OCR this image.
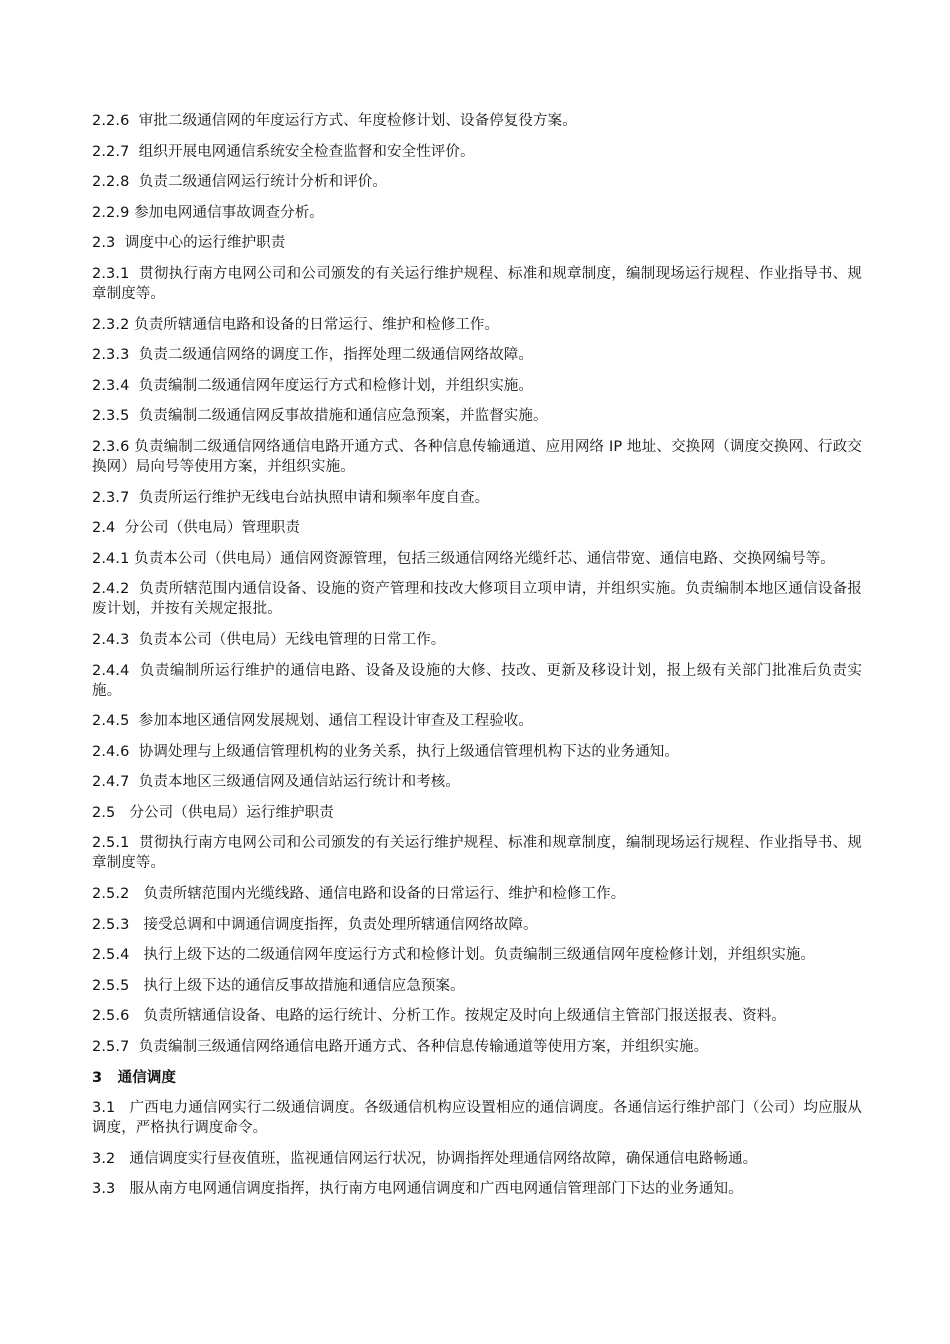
2.2.6  审批二级通信网的年度运行方式、年度检修计划、设备停复役方案。

2.2.7  组织开展电网通信系统安全检查监督和安全性评价。

2.2.8  负责二级通信网运行统计分析和评价。

2.2.9 参加电网通信事故调查分析。

2.3  调度中心的运行维护职责

2.3.1  贯彻执行南方电网公司和公司颁发的有关运行维护规程、标准和规章制度，编制现场运行规程、作业指导书、规章制度等。

2.3.2 负责所辖通信电路和设备的日常运行、维护和检修工作。

2.3.3  负责二级通信网络的调度工作，指挥处理二级通信网络故障。

2.3.4  负责编制二级通信网年度运行方式和检修计划，并组织实施。

2.3.5  负责编制二级通信网反事故措施和通信应急预案，并监督实施。

2.3.6 负责编制二级通信网络通信电路开通方式、各种信息传输通道、应用网络 IP 地址、交换网（调度交换网、行政交换网）局向号等使用方案，并组织实施。

2.3.7  负责所运行维护无线电台站执照申请和频率年度自查。

2.4  分公司（供电局）管理职责

2.4.1 负责本公司（供电局）通信网资源管理，包括三级通信网络光缆纤芯、通信带宽、通信电路、交换网编号等。

2.4.2  负责所辖范围内通信设备、设施的资产管理和技改大修项目立项申请，并组织实施。负责编制本地区通信设备报废计划，并按有关规定报批。

2.4.3  负责本公司（供电局）无线电管理的日常工作。

2.4.4  负责编制所运行维护的通信电路、设备及设施的大修、技改、更新及移设计划，报上级有关部门批准后负责实施。

2.4.5  参加本地区通信网发展规划、通信工程设计审查及工程验收。

2.4.6  协调处理与上级通信管理机构的业务关系，执行上级通信管理机构下达的业务通知。

2.4.7  负责本地区三级通信网及通信站运行统计和考核。

2.5   分公司（供电局）运行维护职责

2.5.1  贯彻执行南方电网公司和公司颁发的有关运行维护规程、标准和规章制度，编制现场运行规程、作业指导书、规章制度等。

2.5.2   负责所辖范围内光缆线路、通信电路和设备的日常运行、维护和检修工作。

2.5.3   接受总调和中调通信调度指挥，负责处理所辖通信网络故障。

2.5.4   执行上级下达的二级通信网年度运行方式和检修计划。负责编制三级通信网年度检修计划，并组织实施。

2.5.5   执行上级下达的通信反事故措施和通信应急预案。

2.5.6   负责所辖通信设备、电路的运行统计、分析工作。按规定及时向上级通信主管部门报送报表、资料。

2.5.7  负责编制三级通信网络通信电路开通方式、各种信息传输通道等使用方案，并组织实施。

3   通信调度

3.1   广西电力通信网实行二级通信调度。各级通信机构应设置相应的通信调度。各通信运行维护部门（公司）均应服从调度，严格执行调度命令。

3.2   通信调度实行昼夜值班，监视通信网运行状况，协调指挥处理通信网络故障，确保通信电路畅通。

3.3   服从南方电网通信调度指挥，执行南方电网通信调度和广西电网通信管理部门下达的业务通知。
